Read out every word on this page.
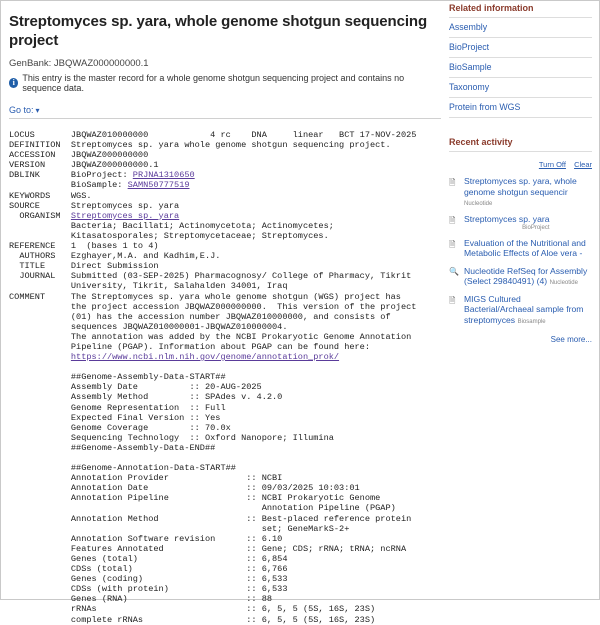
Streptomyces sp. yara, whole genome shotgun sequencing project
GenBank: JBQWAZ000000000.1
i This entry is the master record for a whole genome shotgun sequencing project and contains no sequence data.
Go to: ▾
LOCUS       JBQWAZ010000000            4 rc    DNA     linear   BCT 17-NOV-2025
DEFINITION  Streptomyces sp. yara whole genome shotgun sequencing project.
ACCESSION   JBQWAZ000000000
VERSION     JBQWAZ000000000.1
DBLINK      BioProject: PRJNA1310650
BioSample: SAMN50777519
KEYWORDS    WGS.
SOURCE      Streptomyces sp. yara
ORGANISM  Streptomyces sp. yara
Bacteria; Bacillati; Actinomycetota; Actinomycetes;
Kitasatosporales; Streptomycetaceae; Streptomyces.
REFERENCE   1  (bases 1 to 4)
AUTHORS   Ezghayer,M.A. and Kadhim,E.J.
TITLE     Direct Submission
JOURNAL   Submitted (03-SEP-2025) Pharmacognosy/ College of Pharmacy, Tikrit
University, Tikrit, Salahalden 34001, Iraq
COMMENT     The Streptomyces sp. yara whole genome shotgun (WGS) project has
the project accession JBQWAZ000000000.  This version of the project
(01) has the accession number JBQWAZ010000000, and consists of
sequences JBQWAZ010000001-JBQWAZ010000004.
The annotation was added by the NCBI Prokaryotic Genome Annotation
Pipeline (PGAP). Information about PGAP can be found here:
https://www.ncbi.nlm.nih.gov/genome/annotation_prok/

##Genome-Assembly-Data-START##
Assembly Date          :: 20-AUG-2025
Assembly Method        :: SPAdes v. 4.2.0
Genome Representation  :: Full
Expected Final Version :: Yes
Genome Coverage        :: 70.0x
Sequencing Technology  :: Oxford Nanopore; Illumina
##Genome-Assembly-Data-END##

##Genome-Annotation-Data-START##
Annotation Provider               :: NCBI
Annotation Date                   :: 09/03/2025 10:03:01
Annotation Pipeline               :: NCBI Prokaryotic Genome
Annotation Pipeline (PGAP)
Annotation Method                 :: Best-placed reference protein
set; GeneMarkS-2+
Annotation Software revision      :: 6.10
Features Annotated                :: Gene; CDS; rRNA; tRNA; ncRNA
Genes (total)                     :: 6,854
CDSs (total)                      :: 6,766
Genes (coding)                    :: 6,533
CDSs (with protein)               :: 6,533
Genes (RNA)                       :: 88
rRNAs                             :: 6, 5, 5 (5S, 16S, 23S)
complete rRNAs                    :: 6, 5, 5 (5S, 16S, 23S)
Related information
Assembly
BioProject
BioSample
Taxonomy
Protein from WGS
Recent activity
Turn Off Clear
🗎 Streptomyces sp. yara, whole genome shotgun sequencir Nucleotide
🗎 Streptomyces sp. yara

BioProject
🗎 Evaluation of the Nutritional and Metabolic Effects of Aloe vera -
🔍 Nucleotide RefSeq for Assembly (Select 29840491) (4) Nucleotide
🗎 MIGS Cultured Bacterial/Archaeal sample from streptomyces Biosample
See more...
